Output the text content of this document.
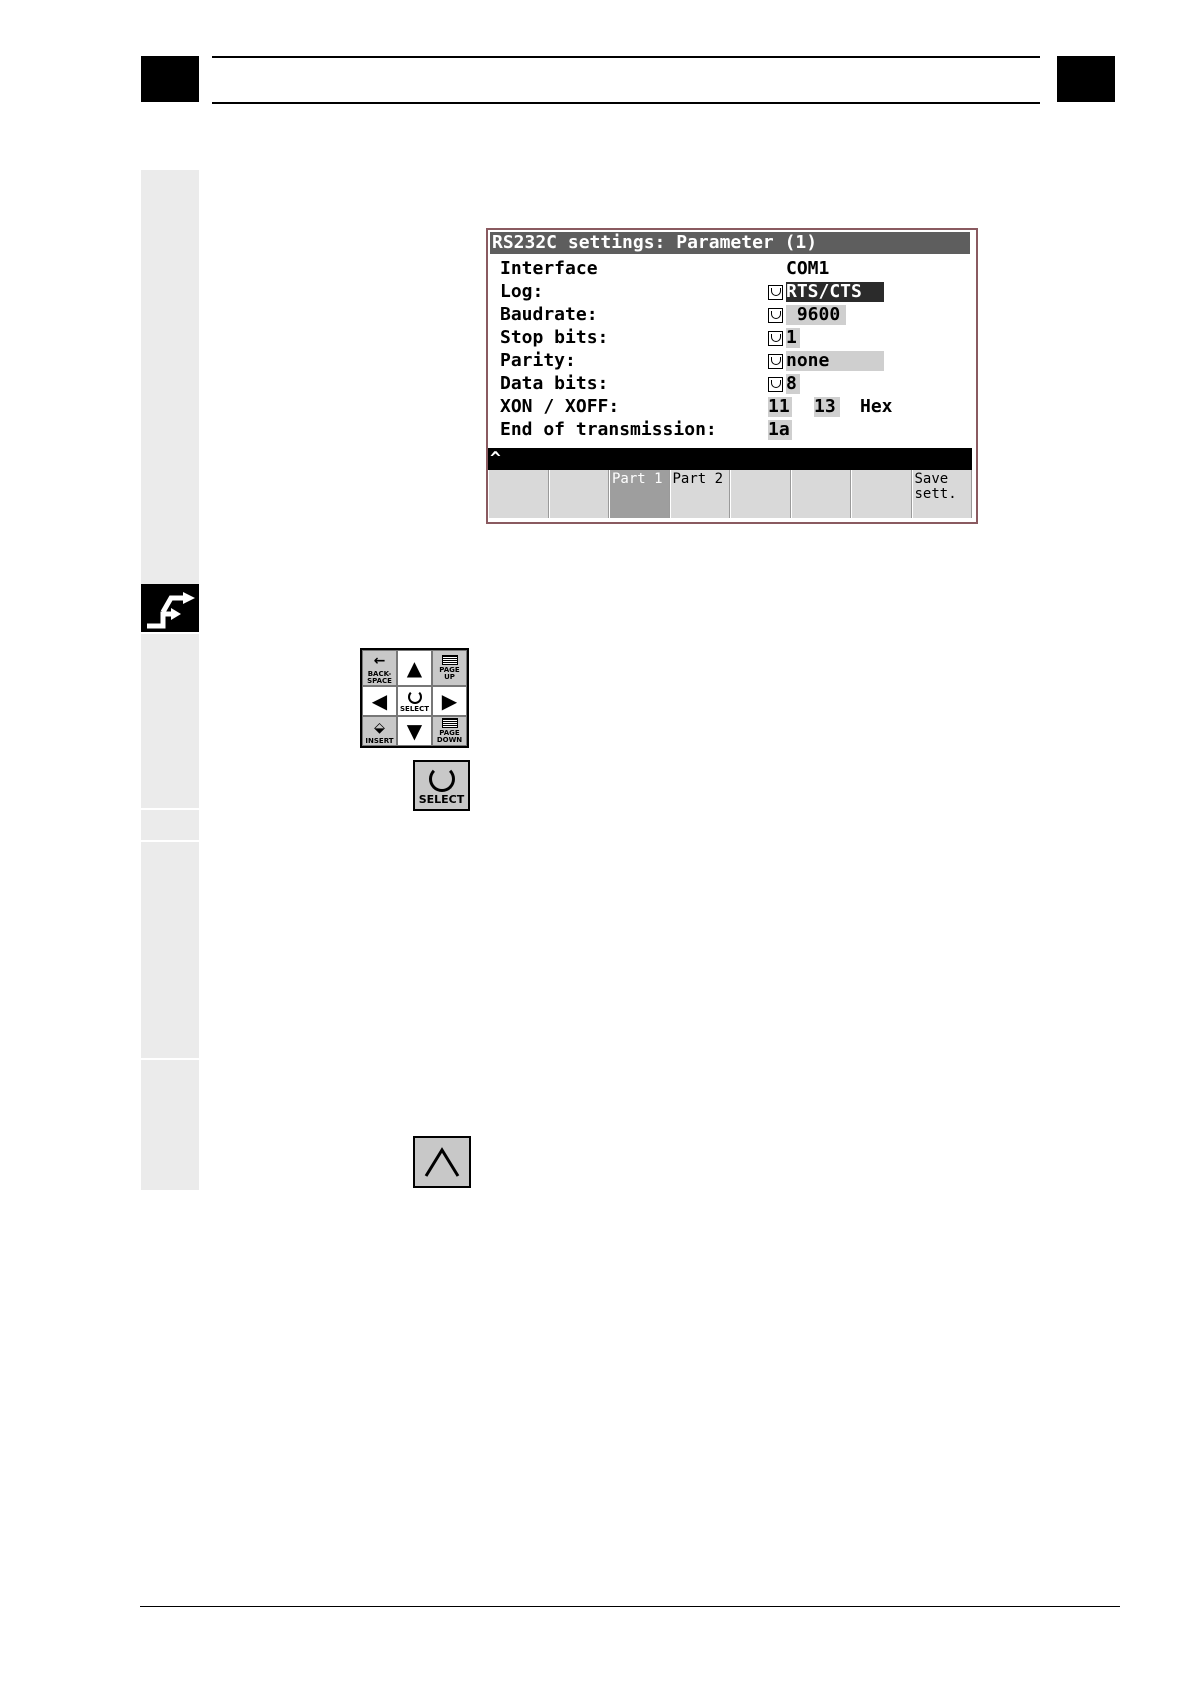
RS232C settings: Parameter (1)
Interface	COM1
Log:	RTS/CTS
Baudrate:	9600
Stop bits:	1
Parity:	none
Data bits:	8
XON / XOFF:	11 13 Hex
End of transmission:	1a
^
Part 1 Part 2	Save
sett.
←
BACK-
SPACE
▲ PAGE
UP
◀ SELECT ▶
⬙
INSERT ▼	PAGE
DOWN
SELECT
